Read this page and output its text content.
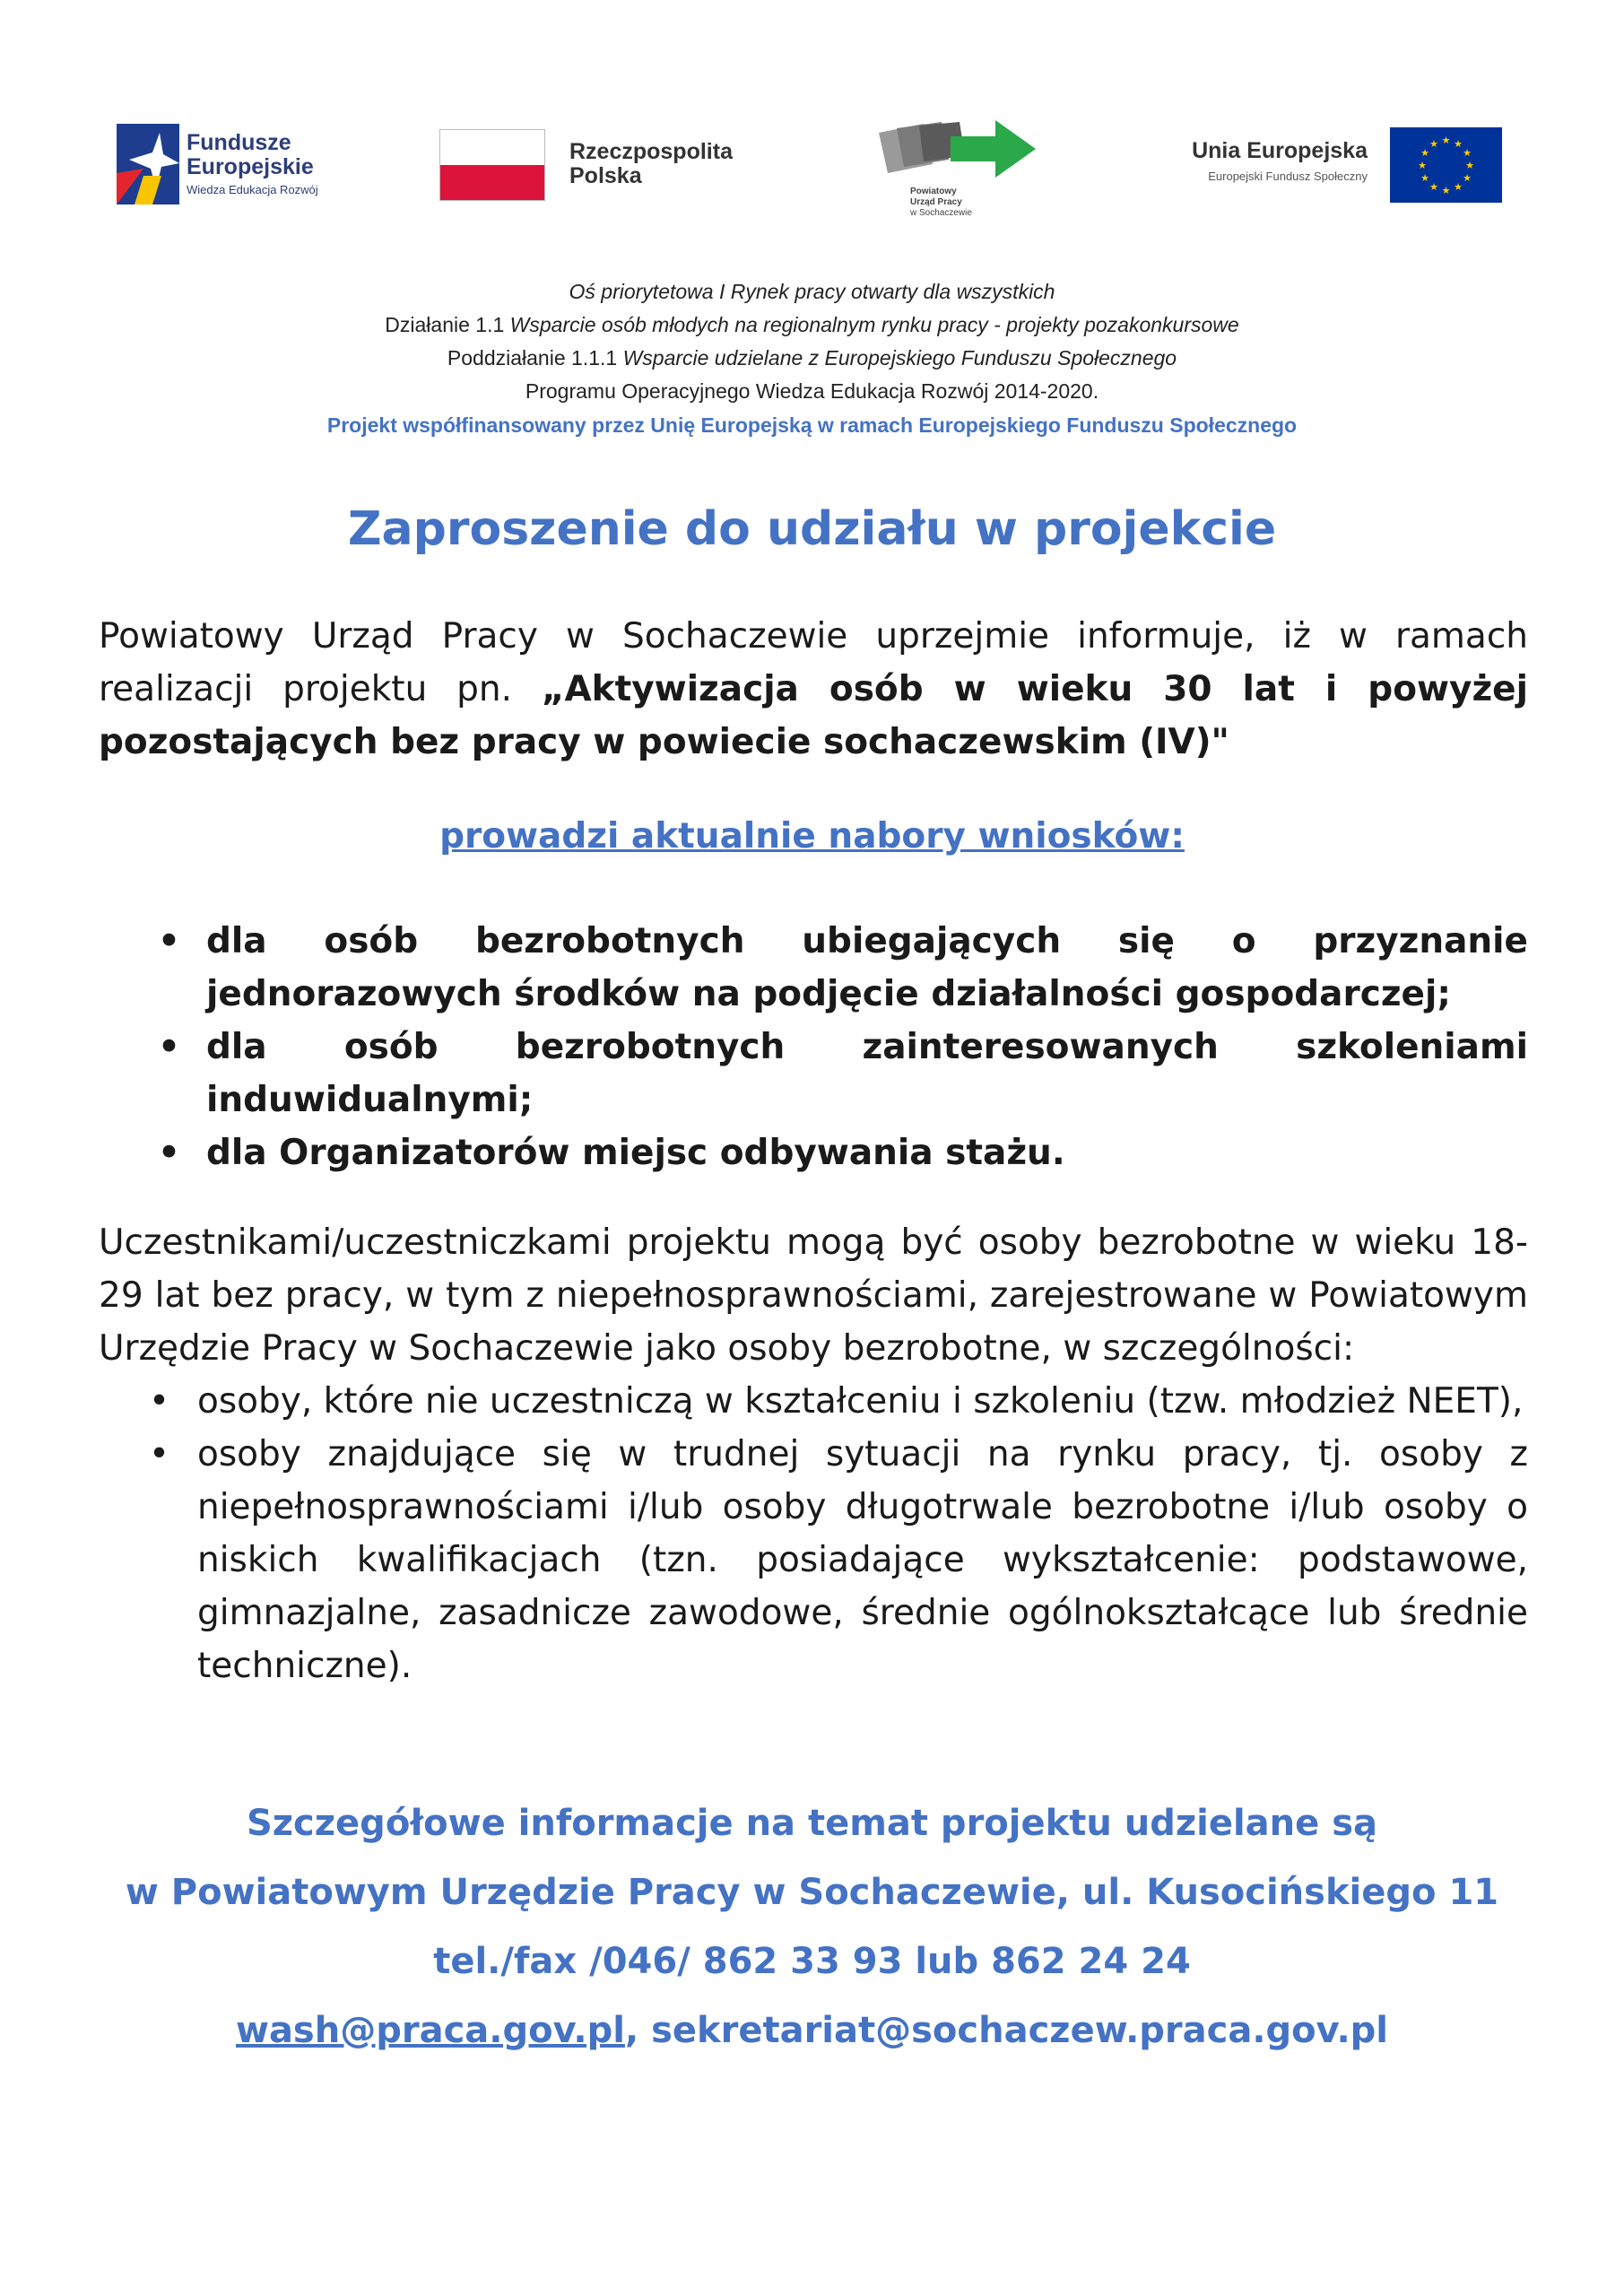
Fundusze
Europejskie
Wiedza Edukacja Rozwój
Rzeczpospolita
Polska
Powiatowy
Urząd Pracy
w Sochaczewie
Unia Europejska
Europejski Fundusz Społeczny
★ ★
★
★
★
★
★
★
★
★
★
★
Oś priorytetowa I Rynek pracy otwarty dla wszystkich
Działanie 1.1 Wsparcie osób młodych na regionalnym rynku pracy - projekty pozakonkursowe
Poddziałanie 1.1.1 Wsparcie udzielane z Europejskiego Funduszu Społecznego
Programu Operacyjnego Wiedza Edukacja Rozwój 2014-2020.
Projekt współfinansowany przez Unię Europejską w ramach Europejskiego Funduszu Społecznego
Zaproszenie do udziału w projekcie
Powiatowy Urząd Pracy w Sochaczewie uprzejmie informuje, iż w ramach realizacji projektu pn. „Aktywizacja osób w wieku 30 lat i powyżej pozostających bez pracy w powiecie sochaczewskim (IV)"
prowadzi aktualnie nabory wniosków:
• dla osób bezrobotnych ubiegających się o przyznanie jednorazowych środków na podjęcie działalności gospodarczej;
• dla osób bezrobotnych zainteresowanych szkoleniami induwidualnymi;
• dla Organizatorów miejsc odbywania stażu.
Uczestnikami/uczestniczkami projektu mogą być osoby bezrobotne w wieku 18-29 lat bez pracy, w tym z niepełnosprawnościami, zarejestrowane w Powiatowym Urzędzie Pracy w Sochaczewie jako osoby bezrobotne, w szczególności:
• osoby, które nie uczestniczą w kształceniu i szkoleniu (tzw. młodzież NEET),
• osoby znajdujące się w trudnej sytuacji na rynku pracy, tj. osoby z niepełnosprawnościami i/lub osoby długotrwale bezrobotne i/lub osoby o niskich kwalifikacjach (tzn. posiadające wykształcenie: podstawowe, gimnazjalne, zasadnicze zawodowe, średnie ogólnokształcące lub średnie techniczne).
Szczegółowe informacje na temat projektu udzielane są
w Powiatowym Urzędzie Pracy w Sochaczewie, ul. Kusocińskiego 11
tel./fax /046/ 862 33 93 lub 862 24 24
wash@praca.gov.pl, sekretariat@sochaczew.praca.gov.pl
